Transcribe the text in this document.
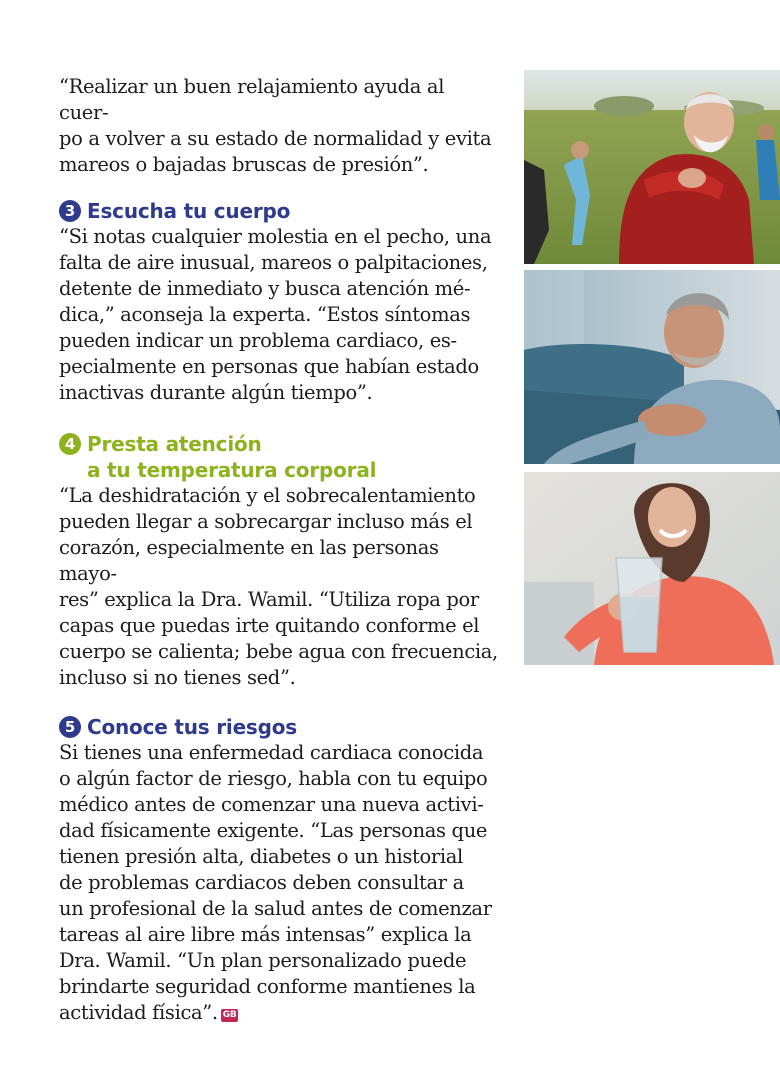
“Realizar un buen relajamiento ayuda al cuer-
po a volver a su estado de normalidad y evita
mareos o bajadas bruscas de presión”.

3 Escucha tu cuerpo

“Si notas cualquier molestia en el pecho, una
falta de aire inusual, mareos o palpitaciones,
detente de inmediato y busca atención mé-
dica,” aconseja la experta. “Estos síntomas
pueden indicar un problema cardiaco, es-
pecialmente en personas que habían estado
inactivas durante algún tiempo”.

4 Presta atención
a tu temperatura corporal

“La deshidratación y el sobrecalentamiento
pueden llegar a sobrecargar incluso más el
corazón, especialmente en las personas mayo-
res” explica la Dra. Wamil. “Utiliza ropa por
capas que puedas irte quitando conforme el
cuerpo se calienta; bebe agua con frecuencia,
incluso si no tienes sed”.

5 Conoce tus riesgos

Si tienes una enfermedad cardiaca conocida
o algún factor de riesgo, habla con tu equipo
médico antes de comenzar una nueva activi-
dad físicamente exigente. “Las personas que
tienen presión alta, diabetes o un historial
de problemas cardiacos deben consultar a
un profesional de la salud antes de comenzar
tareas al aire libre más intensas” explica la
Dra. Wamil. “Un plan personalizado puede
brindarte seguridad conforme mantienes la
actividad física”. GB
